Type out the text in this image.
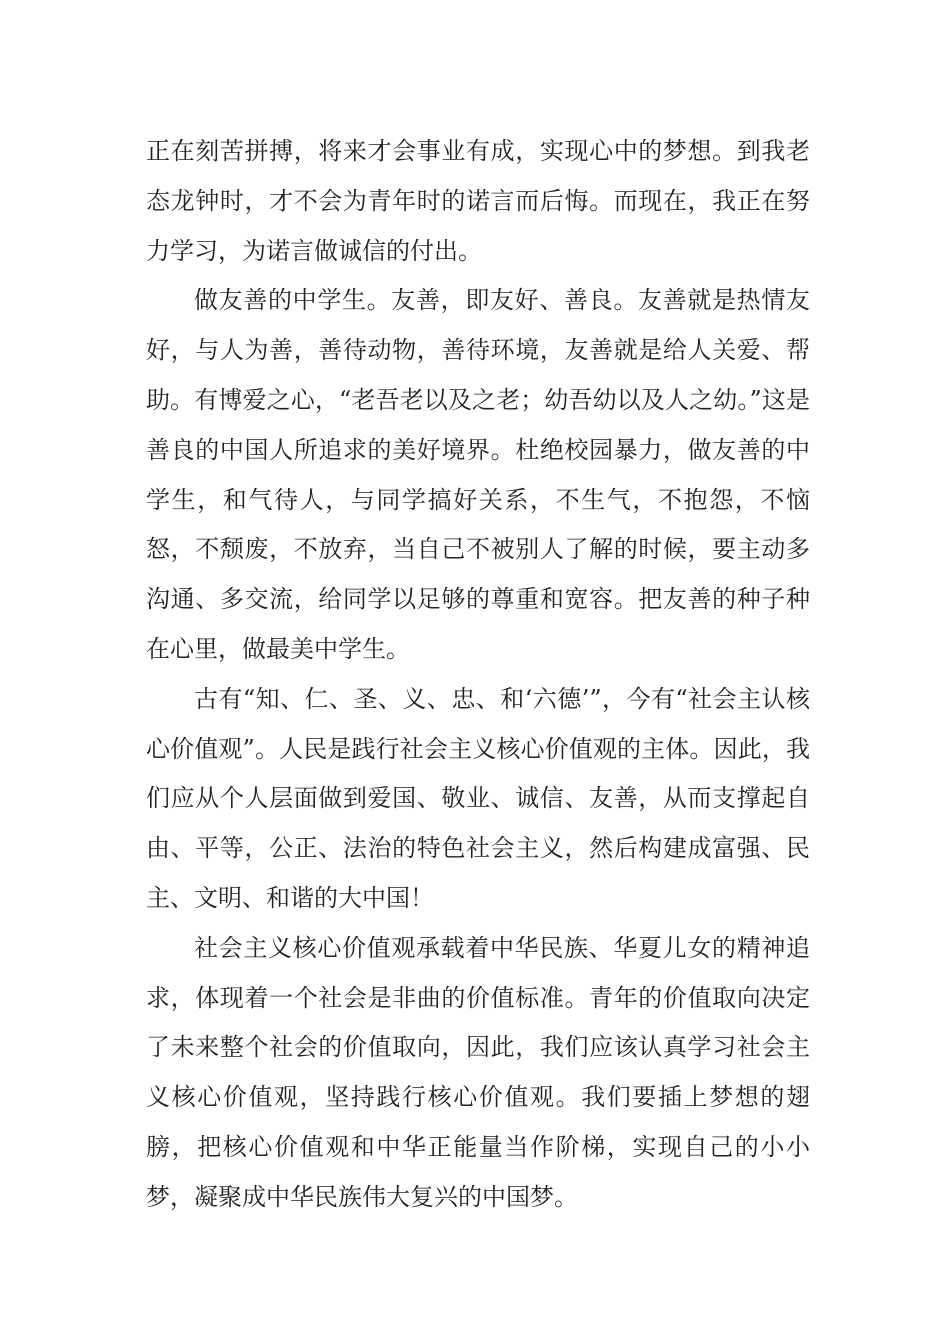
正在刻苦拼搏，将来才会事业有成，实现心中的梦想。到我老态龙钟时，才不会为青年时的诺言而后悔。而现在，我正在努力学习，为诺言做诚信的付出。

做友善的中学生。友善，即友好、善良。友善就是热情友好，与人为善，善待动物，善待环境，友善就是给人关爱、帮助。有博爱之心，“老吾老以及之老；幼吾幼以及人之幼。”这是善良的中国人所追求的美好境界。杜绝校园暴力，做友善的中学生，和气待人，与同学搞好关系，不生气，不抱怨，不恼怒，不颓废，不放弃，当自己不被别人了解的时候，要主动多沟通、多交流，给同学以足够的尊重和宽容。把友善的种子种在心里，做最美中学生。

古有“知、仁、圣、义、忠、和‘六德’”，今有“社会主认核心价值观”。人民是践行社会主义核心价值观的主体。因此，我们应从个人层面做到爱国、敬业、诚信、友善，从而支撑起自由、平等，公正、法治的特色社会主义，然后构建成富强、民主、文明、和谐的大中国！

社会主义核心价值观承载着中华民族、华夏儿女的精神追求，体现着一个社会是非曲的价值标准。青年的价值取向决定了未来整个社会的价值取向，因此，我们应该认真学习社会主义核心价值观，坚持践行核心价值观。我们要插上梦想的翅膀，把核心价值观和中华正能量当作阶梯，实现自己的小小梦，凝聚成中华民族伟大复兴的中国梦。
